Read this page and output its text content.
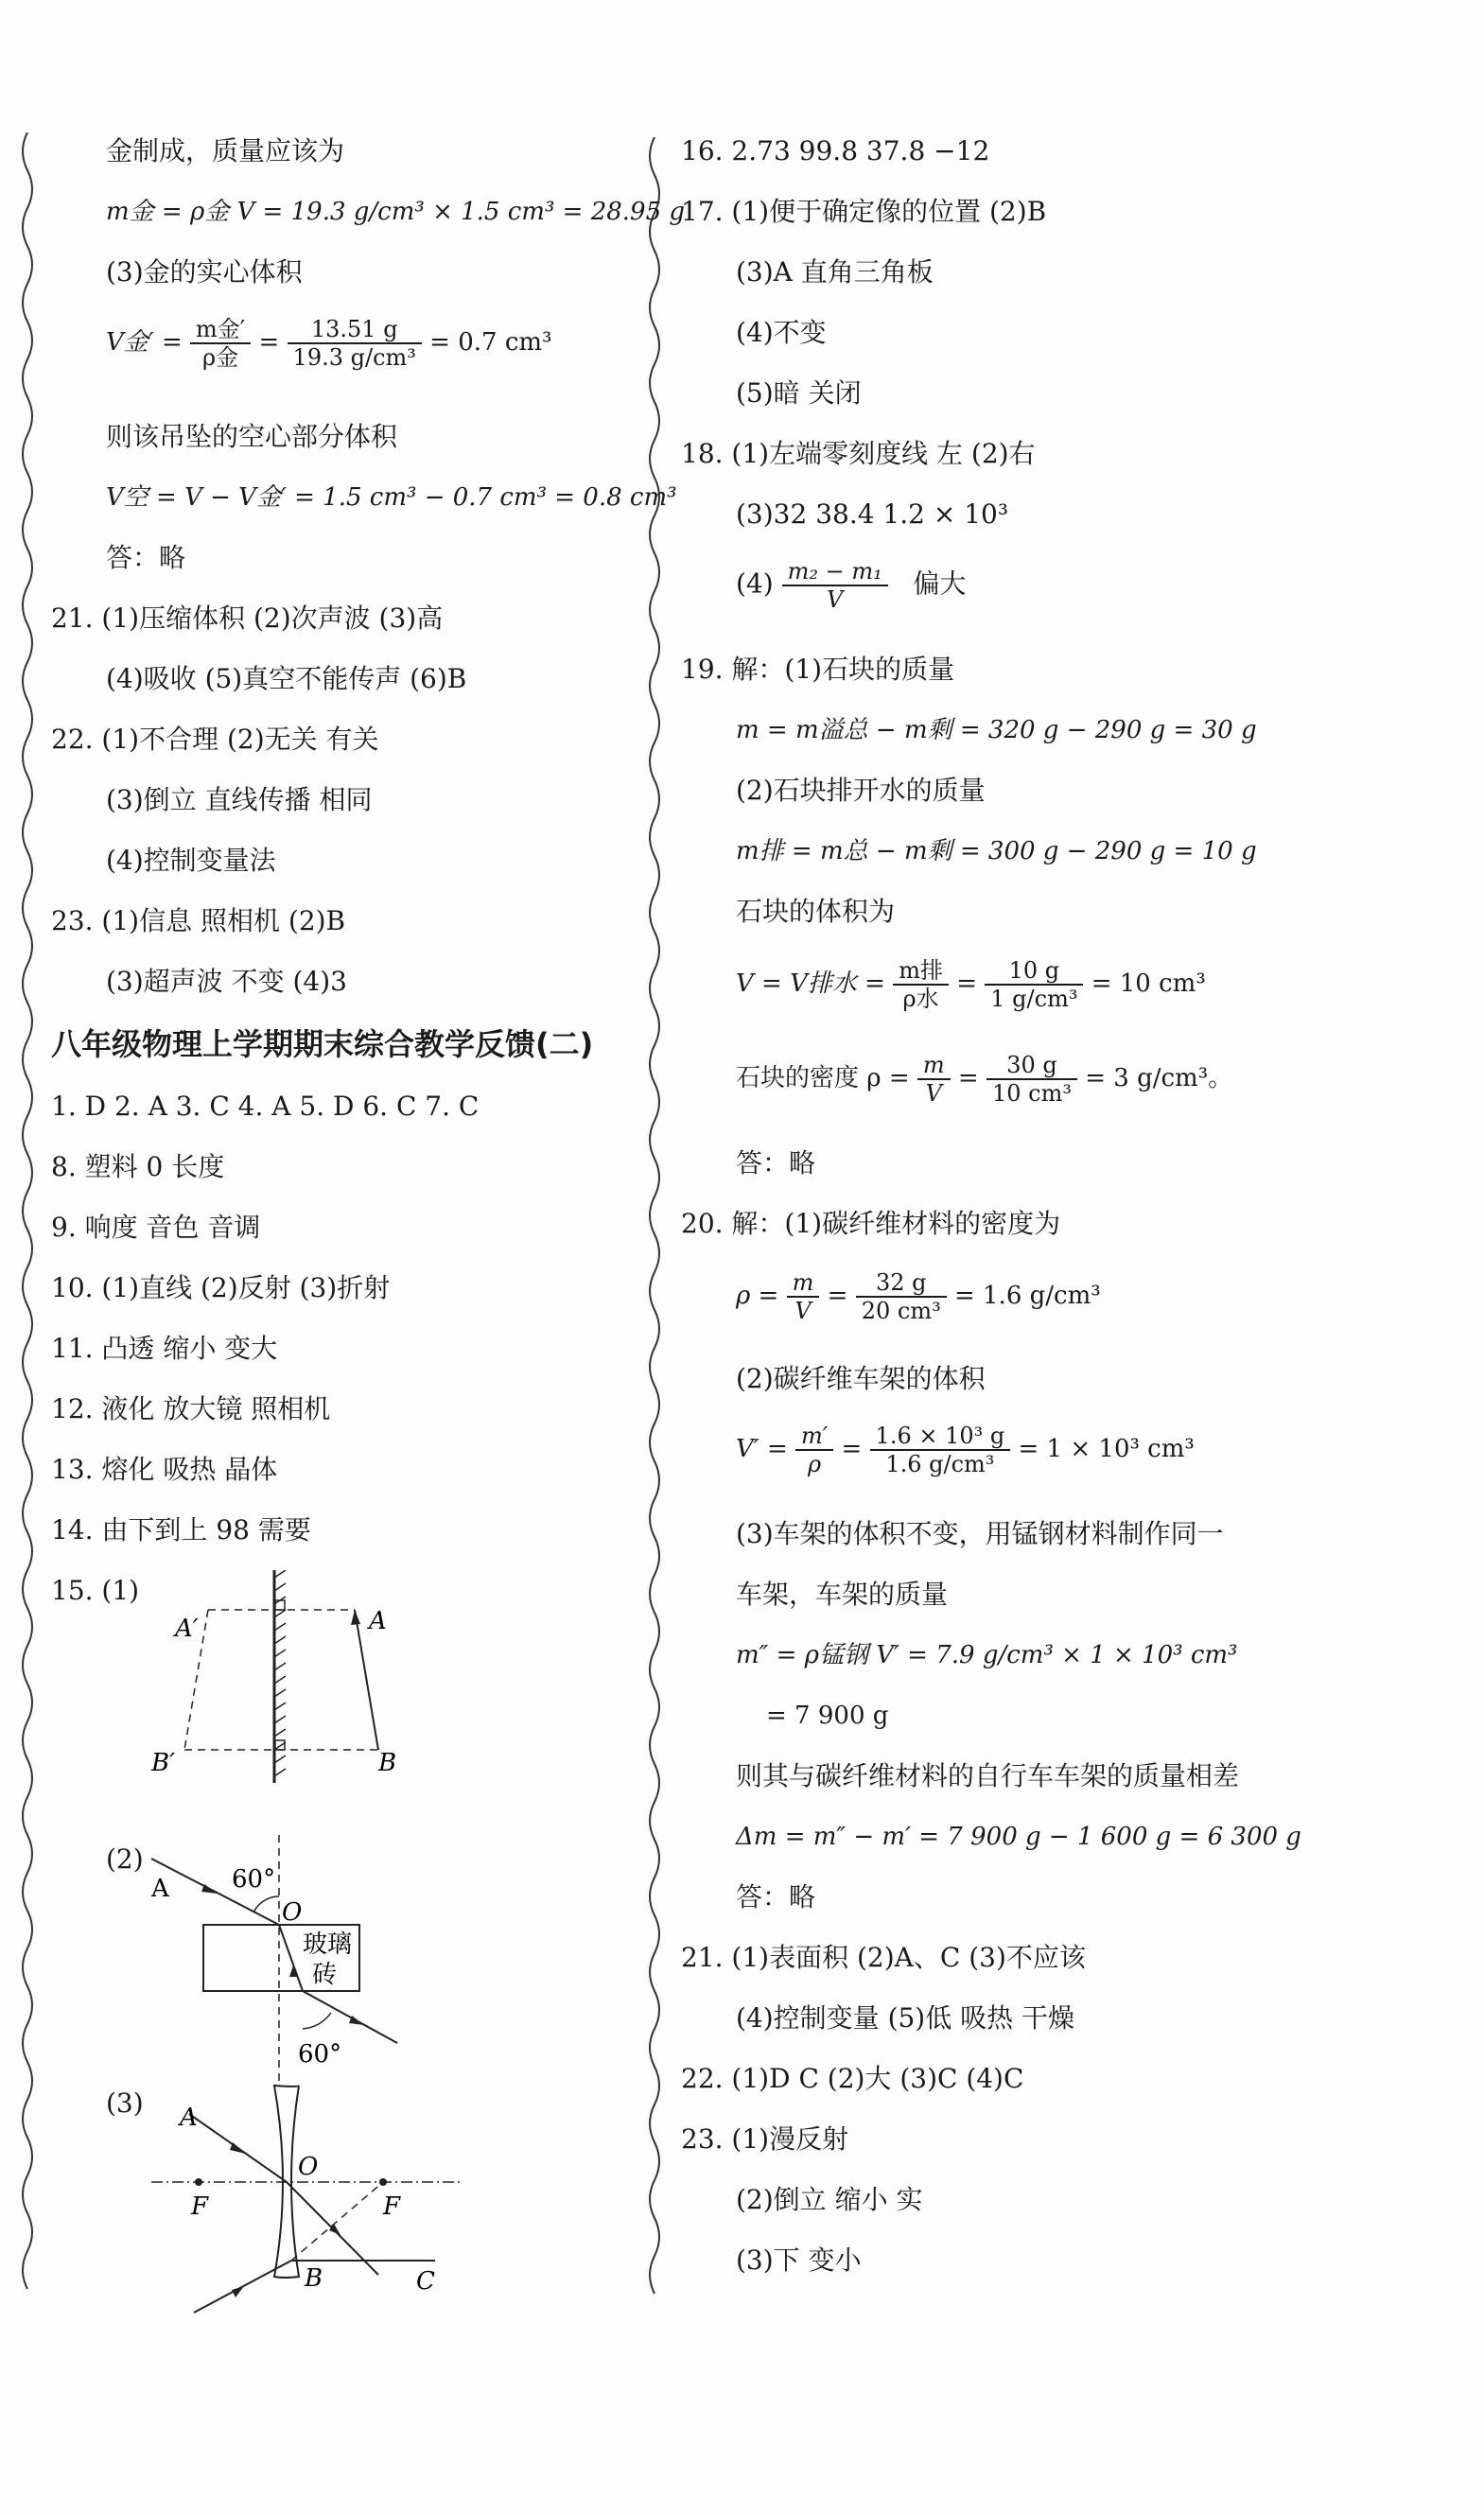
金制成，质量应该为
m金 = ρ金 V = 19.3 g/cm³ × 1.5 cm³ = 28.95 g
(3)金的实心体积
V金′ = $\frac{\text{m金′}}{\text{ρ金}} = \frac{13.51 g}{\text{19.3 g/cm³}} = 0.7$ cm³
则该吊坠的空心部分体积
V空 = V − V金′ = 1.5 cm³ − 0.7 cm³ = 0.8 cm³
答：略
21. (1)压缩体积 (2)次声波 (3)高
(4)吸收 (5)真空不能传声 (6)B
22. (1)不合理 (2)无关 有关
(3)倒立 直线传播 相同
(4)控制变量法
23. (1)信息 照相机 (2)B
(3)超声波 不变 (4)3
八年级物理上学期期末综合教学反馈(二)
1. D 2. A 3. C 4. A 5. D 6. C 7. C
8. 塑料 0 长度
9. 响度 音色 音调
10. (1)直线 (2)反射 (3)折射
11. 凸透 缩小 变大
12. 液化 放大镜 照相机
13. 熔化 吸热 晶体
14. 由下到上 98 需要
15. (1)
A′	A
B′	B
(2)
A	60°
O
玻璃
砖
60°
(3) A
O
F	F
B	C
16. 2.73 99.8 37.8 −12
17. (1)便于确定像的位置 (2)B
(3)A 直角三角板
(4)不变
(5)暗 关闭
18. (1)左端零刻度线 左 (2)右
(3)32 38.4 1.2 × 10³
$(4) \frac{\text{m₂ − m₁}}{V}$ 偏大
19. 解：(1)石块的质量
m = m溢总 − m剩 = 320 g − 290 g = 30 g
(2)石块排开水的质量
m排 = m总 − m剩 = 300 g − 290 g = 10 g
石块的体积为
V = V排水 = $\frac{\text{m排}}{\text{ρ水}} = \frac{10 g}{\text{1 g/cm³}} = 10$ cm³
石块的密度 $\rho = \frac{m}{V} = \frac{30 g}{\text{10 cm³}} = 3$ g/cm³。
答：略
20. 解：(1)碳纤维材料的密度为
$\rho = \frac{m}{V} = \frac{32 g}{\text{20 cm³}} = 1.6$ g/cm³
(2)碳纤维车架的体积
$V' = \frac{m'}{\rho} = \frac{\text{1.6 × 10³ g}}{\text{1.6 g/cm³}} = 1 \times 10^3$ cm³
(3)车架的体积不变，用锰钢材料制作同一
车架，车架的质量
m″ = ρ锰钢 V′ = 7.9 g/cm³ × 1 × 10³ cm³
= 7 900 g
则其与碳纤维材料的自行车车架的质量相差
Δm = m″ − m′ = 7 900 g − 1 600 g = 6 300 g
答：略
21. (1)表面积 (2)A、C (3)不应该
(4)控制变量 (5)低 吸热 干燥
22. (1)D C (2)大 (3)C (4)C
23. (1)漫反射
(2)倒立 缩小 实
(3)下 变小
